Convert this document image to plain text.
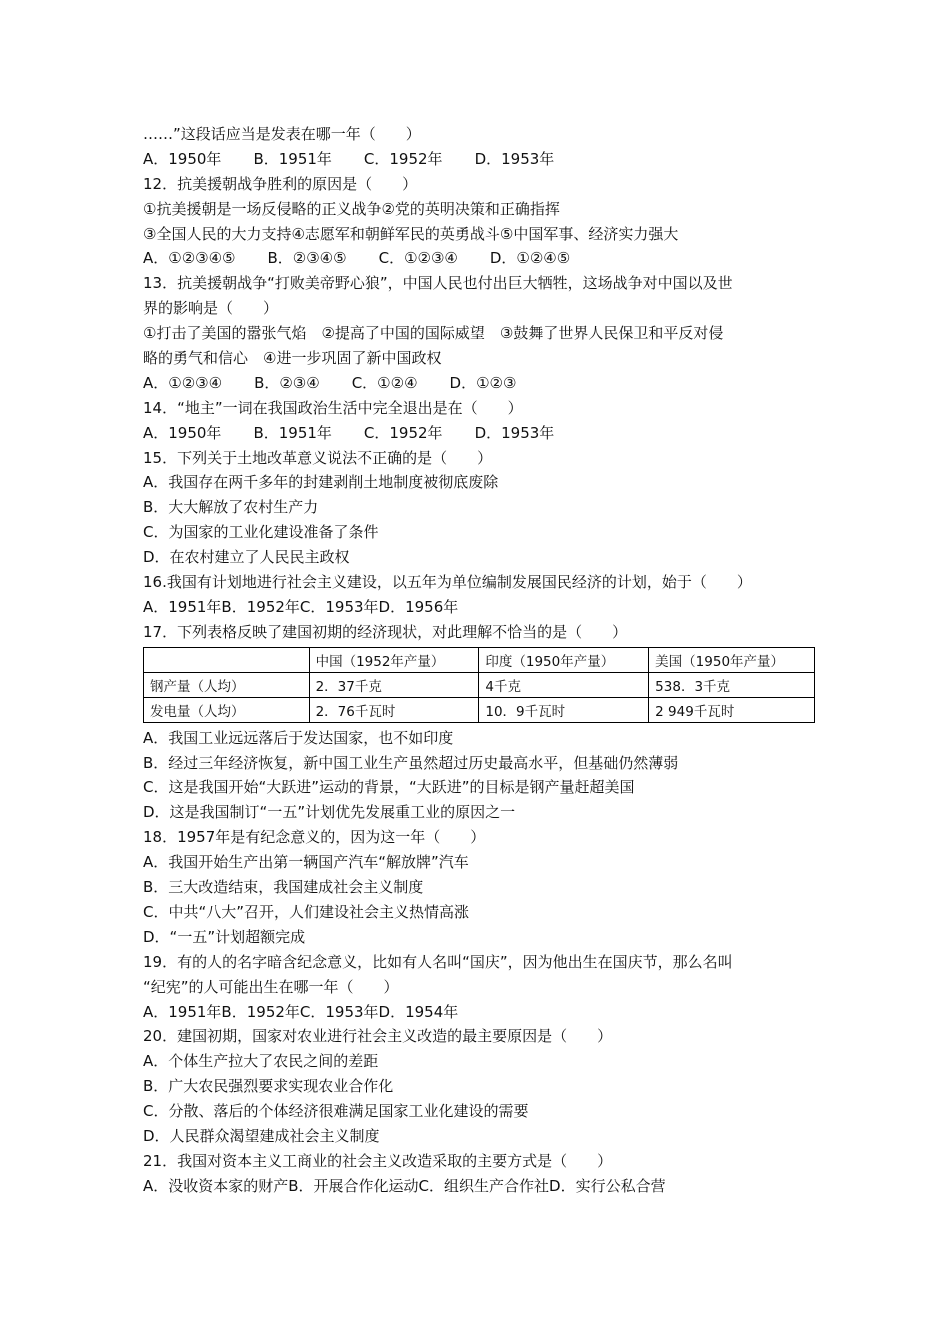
……”这段话应当是发表在哪一年（　　）
A．1950年 B．1951年 C．1952年 D．1953年
12．抗美援朝战争胜利的原因是（　　）
①抗美援朝是一场反侵略的正义战争②党的英明决策和正确指挥
③全国人民的大力支持④志愿军和朝鲜军民的英勇战斗⑤中国军事、经济实力强大
A．①②③④⑤ B．②③④⑤ C．①②③④ D．①②④⑤
13．抗美援朝战争“打败美帝野心狼”，中国人民也付出巨大牺牲，这场战争对中国以及世
界的影响是（　　）
①打击了美国的嚣张气焰　②提高了中国的国际威望　③鼓舞了世界人民保卫和平反对侵
略的勇气和信心　④进一步巩固了新中国政权
A．①②③④ B．②③④ C．①②④ D．①②③
14．“地主”一词在我国政治生活中完全退出是在（　　）
A．1950年 B．1951年 C．1952年 D．1953年
15．下列关于土地改革意义说法不正确的是（　　）
A．我国存在两千多年的封建剥削土地制度被彻底废除
B．大大解放了农村生产力
C．为国家的工业化建设准备了条件
D．在农村建立了人民民主政权
16.我国有计划地进行社会主义建设，以五年为单位编制发展国民经济的计划，始于（　　）
A．1951年B．1952年C．1953年D．1956年
17．下列表格反映了建国初期的经济现状，对此理解不恰当的是（　　）
	中国（1952年产量）	印度（1950年产量）	美国（1950年产量）
钢产量（人均）	2．37千克	4千克	538．3千克
发电量（人均）	2．76千瓦时	10．9千瓦时	2 949千瓦时
A．我国工业远远落后于发达国家，也不如印度
B．经过三年经济恢复，新中国工业生产虽然超过历史最高水平，但基础仍然薄弱
C．这是我国开始“大跃进”运动的背景，“大跃进”的目标是钢产量赶超美国
D．这是我国制订“一五”计划优先发展重工业的原因之一
18．1957年是有纪念意义的，因为这一年（　　）
A．我国开始生产出第一辆国产汽车“解放牌”汽车
B．三大改造结束，我国建成社会主义制度
C．中共“八大”召开，人们建设社会主义热情高涨
D．“一五”计划超额完成
19．有的人的名字暗含纪念意义，比如有人名叫“国庆”，因为他出生在国庆节，那么名叫
“纪宪”的人可能出生在哪一年（　　）
A．1951年B．1952年C．1953年D．1954年
20．建国初期，国家对农业进行社会主义改造的最主要原因是（　　）
A．个体生产拉大了农民之间的差距
B．广大农民强烈要求实现农业合作化
C．分散、落后的个体经济很难满足国家工业化建设的需要
D．人民群众渴望建成社会主义制度
21．我国对资本主义工商业的社会主义改造采取的主要方式是（　　）
A．没收资本家的财产B．开展合作化运动C．组织生产合作社D．实行公私合营
